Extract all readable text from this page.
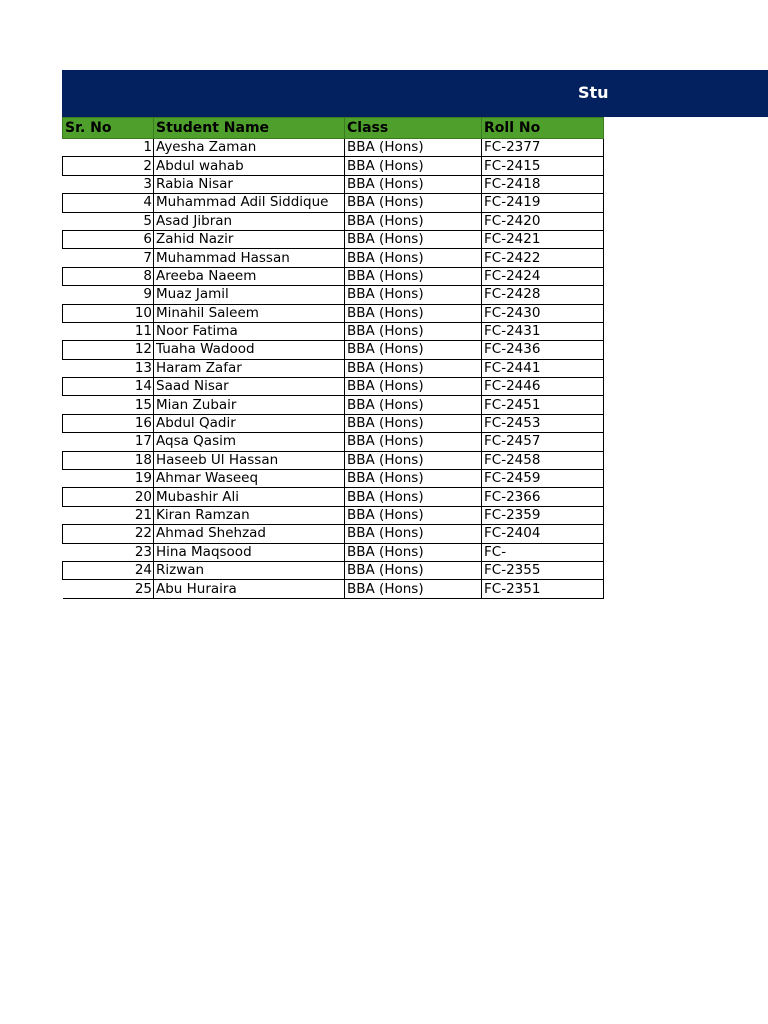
Stu
Sr. No	Student Name	Class	Roll No
1	Ayesha Zaman	BBA (Hons)	FC-2377
2	Abdul wahab	BBA (Hons)	FC-2415
3	Rabia Nisar	BBA (Hons)	FC-2418
4	Muhammad Adil Siddique	BBA (Hons)	FC-2419
5	Asad Jibran	BBA (Hons)	FC-2420
6	Zahid Nazir	BBA (Hons)	FC-2421
7	Muhammad Hassan	BBA (Hons)	FC-2422
8	Areeba Naeem	BBA (Hons)	FC-2424
9	Muaz Jamil	BBA (Hons)	FC-2428
10	Minahil Saleem	BBA (Hons)	FC-2430
11	Noor Fatima	BBA (Hons)	FC-2431
12	Tuaha Wadood	BBA (Hons)	FC-2436
13	Haram Zafar	BBA (Hons)	FC-2441
14	Saad Nisar	BBA (Hons)	FC-2446
15	Mian Zubair	BBA (Hons)	FC-2451
16	Abdul Qadir	BBA (Hons)	FC-2453
17	Aqsa Qasim	BBA (Hons)	FC-2457
18	Haseeb Ul Hassan	BBA (Hons)	FC-2458
19	Ahmar Waseeq	BBA (Hons)	FC-2459
20	Mubashir Ali	BBA (Hons)	FC-2366
21	Kiran Ramzan	BBA (Hons)	FC-2359
22	Ahmad Shehzad	BBA (Hons)	FC-2404
23	Hina Maqsood	BBA (Hons)	FC-
24	Rizwan	BBA (Hons)	FC-2355
25	Abu Huraira	BBA (Hons)	FC-2351
